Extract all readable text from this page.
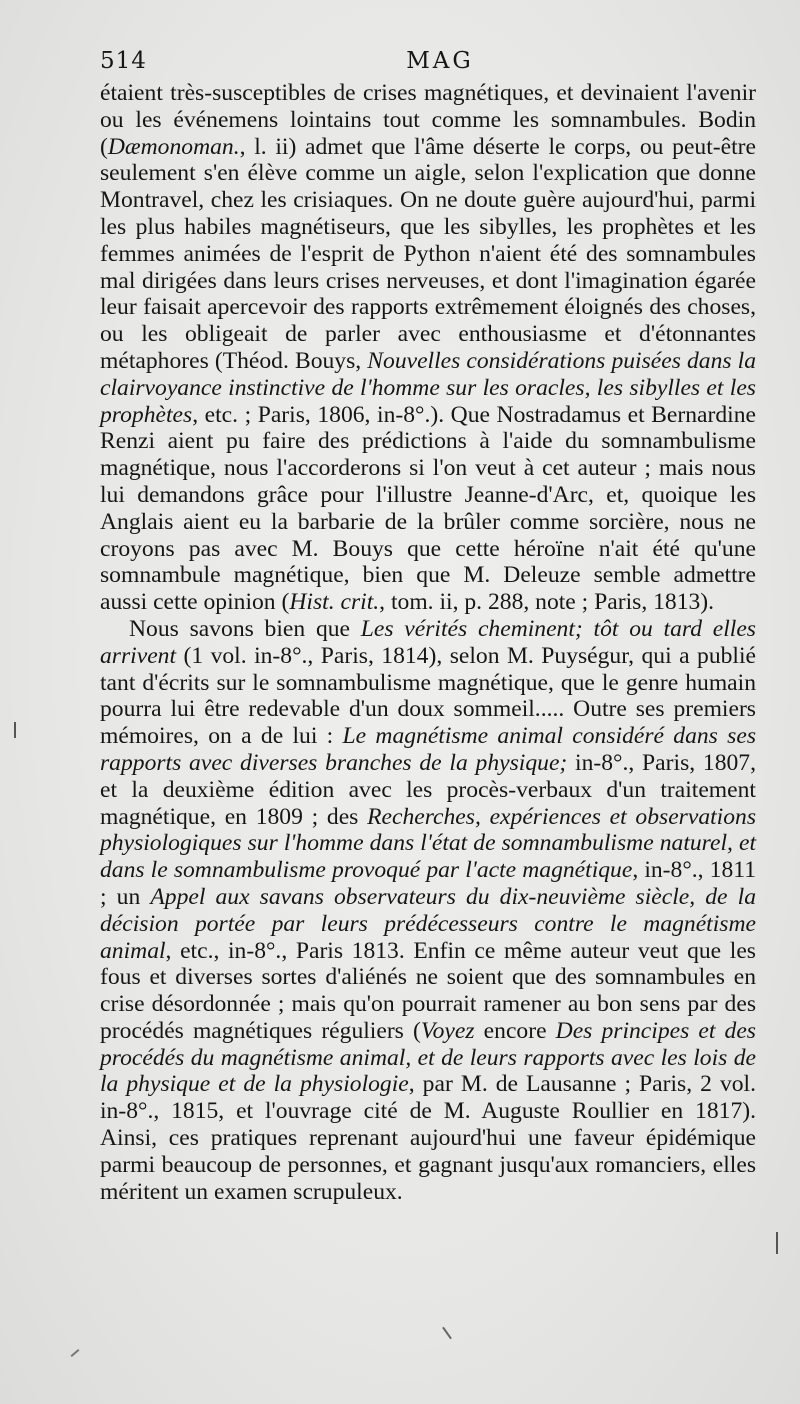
514	MAG

étaient très-susceptibles de crises magnétiques, et devinaient l'avenir ou les événemens lointains tout comme les somnambules. Bodin (Dæmonoman., l. ii) admet que l'âme déserte le corps, ou peut-être seulement s'en élève comme un aigle, selon l'explication que donne Montravel, chez les crisiaques. On ne doute guère aujourd'hui, parmi les plus habiles magnétiseurs, que les sibylles, les prophètes et les femmes animées de l'esprit de Python n'aient été des somnambules mal dirigées dans leurs crises nerveuses, et dont l'imagination égarée leur faisait apercevoir des rapports extrêmement éloignés des choses, ou les obligeait de parler avec enthousiasme et d'étonnantes métaphores (Théod. Bouys, Nouvelles considérations puisées dans la clairvoyance instinctive de l'homme sur les oracles, les sibylles et les prophètes, etc. ; Paris, 1806, in-8°.). Que Nostradamus et Bernardine Renzi aient pu faire des prédictions à l'aide du somnambulisme magnétique, nous l'accorderons si l'on veut à cet auteur ; mais nous lui demandons grâce pour l'illustre Jeanne-d'Arc, et, quoique les Anglais aient eu la barbarie de la brûler comme sorcière, nous ne croyons pas avec M. Bouys que cette héroïne n'ait été qu'une somnambule magnétique, bien que M. Deleuze semble admettre aussi cette opinion (Hist. crit., tom. ii, p. 288, note ; Paris, 1813).

Nous savons bien que Les vérités cheminent; tôt ou tard elles arrivent (1 vol. in-8°., Paris, 1814), selon M. Puységur, qui a publié tant d'écrits sur le somnambulisme magnétique, que le genre humain pourra lui être redevable d'un doux sommeil..... Outre ses premiers mémoires, on a de lui : Le magnétisme animal considéré dans ses rapports avec diverses branches de la physique; in-8°., Paris, 1807, et la deuxième édition avec les procès-verbaux d'un traitement magnétique, en 1809 ; des Recherches, expériences et observations physiologiques sur l'homme dans l'état de somnambulisme naturel, et dans le somnambulisme provoqué par l'acte magnétique, in-8°., 1811 ; un Appel aux savans observateurs du dix-neuvième siècle, de la décision portée par leurs prédécesseurs contre le magnétisme animal, etc., in-8°., Paris 1813. Enfin ce même auteur veut que les fous et diverses sortes d'aliénés ne soient que des somnambules en crise désordonnée ; mais qu'on pourrait ramener au bon sens par des procédés magnétiques réguliers (Voyez encore Des principes et des procédés du magnétisme animal, et de leurs rapports avec les lois de la physique et de la physiologie, par M. de Lausanne ; Paris, 2 vol. in-8°., 1815, et l'ouvrage cité de M. Auguste Roullier en 1817). Ainsi, ces pratiques reprenant aujourd'hui une faveur épidémique parmi beaucoup de personnes, et gagnant jusqu'aux romanciers, elles méritent un examen scrupuleux.
